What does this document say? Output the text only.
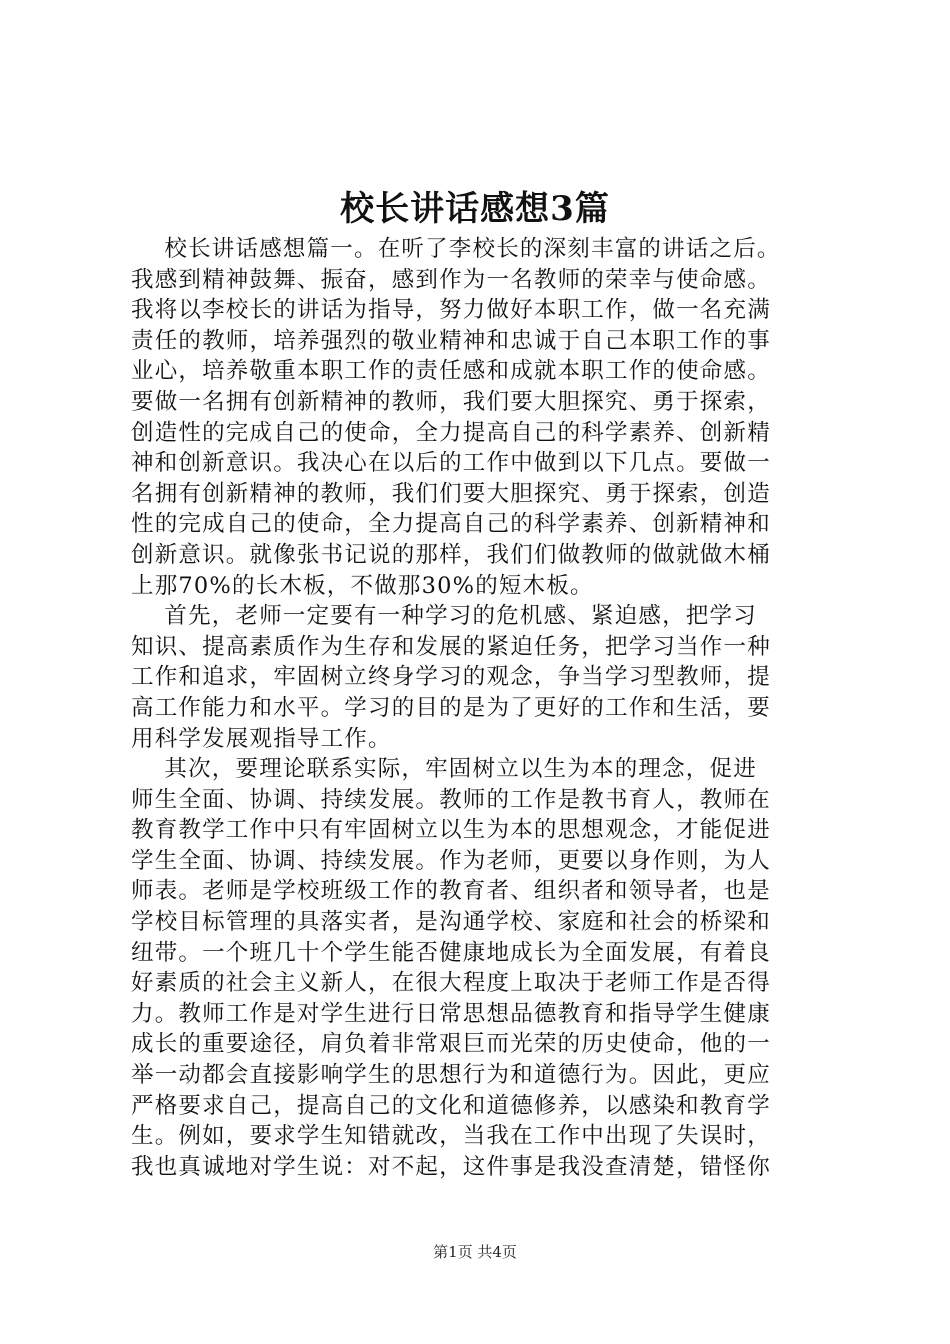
校长讲话感想3篇
校长讲话感想篇一。在听了李校长的深刻丰富的讲话之后。
我感到精神鼓舞、振奋，感到作为一名教师的荣幸与使命感。
我将以李校长的讲话为指导，努力做好本职工作，做一名充满
责任的教师，培养强烈的敬业精神和忠诚于自己本职工作的事
业心，培养敬重本职工作的责任感和成就本职工作的使命感。
要做一名拥有创新精神的教师，我们要大胆探究、勇于探索，
创造性的完成自己的使命，全力提高自己的科学素养、创新精
神和创新意识。我决心在以后的工作中做到以下几点。要做一
名拥有创新精神的教师，我们们要大胆探究、勇于探索，创造
性的完成自己的使命，全力提高自己的科学素养、创新精神和
创新意识。就像张书记说的那样，我们们做教师的做就做木桶
上那70%的长木板，不做那30%的短木板。
首先，老师一定要有一种学习的危机感、紧迫感，把学习
知识、提高素质作为生存和发展的紧迫任务，把学习当作一种
工作和追求，牢固树立终身学习的观念，争当学习型教师，提
高工作能力和水平。学习的目的是为了更好的工作和生活，要
用科学发展观指导工作。
其次，要理论联系实际，牢固树立以生为本的理念，促进
师生全面、协调、持续发展。教师的工作是教书育人，教师在
教育教学工作中只有牢固树立以生为本的思想观念，才能促进
学生全面、协调、持续发展。作为老师，更要以身作则，为人
师表。老师是学校班级工作的教育者、组织者和领导者，也是
学校目标管理的具落实者，是沟通学校、家庭和社会的桥梁和
纽带。一个班几十个学生能否健康地成长为全面发展，有着良
好素质的社会主义新人，在很大程度上取决于老师工作是否得
力。教师工作是对学生进行日常思想品德教育和指导学生健康
成长的重要途径，肩负着非常艰巨而光荣的历史使命，他的一
举一动都会直接影响学生的思想行为和道德行为。因此，更应
严格要求自己，提高自己的文化和道德修养，以感染和教育学
生。例如，要求学生知错就改，当我在工作中出现了失误时，
我也真诚地对学生说：对不起，这件事是我没查清楚，错怪你
第1页 共4页
